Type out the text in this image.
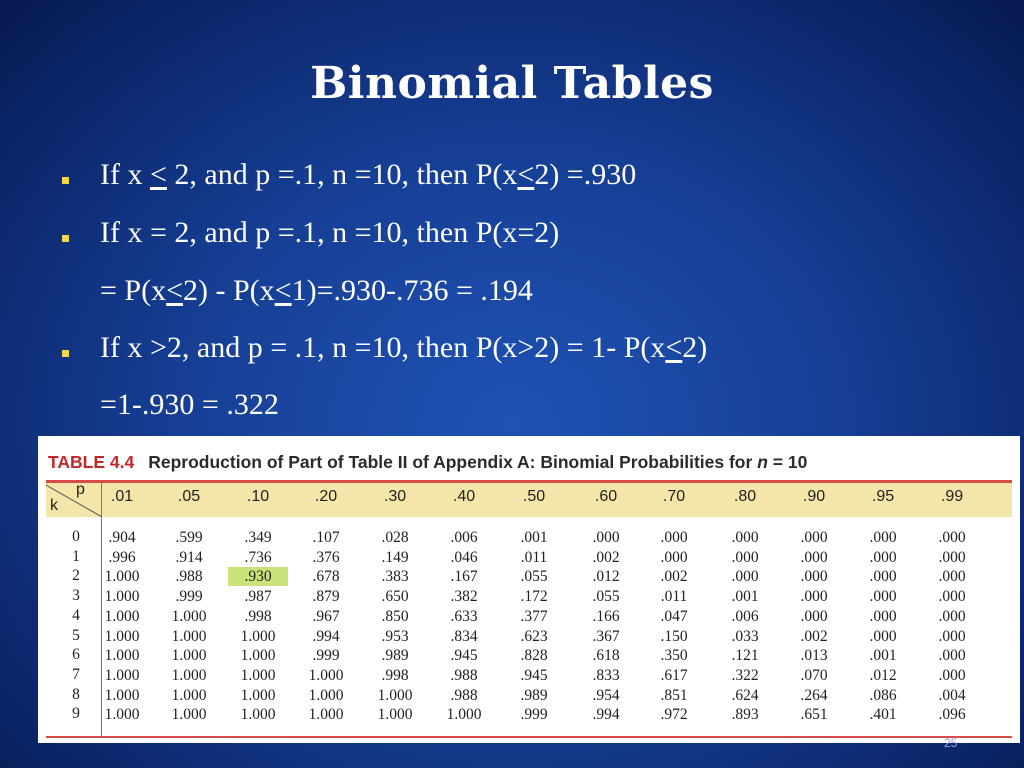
Binomial Tables
If x < 2, and p =.1, n =10, then P(x<2) =.930
If x = 2, and p =.1, n =10, then P(x=2)
= P(x<2) - P(x<1)=.930-.736 = .194
If x >2, and p = .1, n =10, then P(x>2) = 1- P(x<2)
=1-.930 = .322
TABLE 4.4 Reproduction of Part of Table II of Appendix A: Binomial Probabilities for n = 10
p
k
.01	.05	.10	.20	.30	.40	.50	.60	.70	.80	.90	.95	.99
0	.904	.599	.349	.107	.028	.006	.001	.000	.000	.000	.000	.000	.000
1	.996	.914	.736	.376	.149	.046	.011	.002	.000	.000	.000	.000	.000
2	1.000	.988	.930	.678	.383	.167	.055	.012	.002	.000	.000	.000	.000
3	1.000	.999	.987	.879	.650	.382	.172	.055	.011	.001	.000	.000	.000
4	1.000	1.000	.998	.967	.850	.633	.377	.166	.047	.006	.000	.000	.000
5	1.000	1.000	1.000	.994	.953	.834	.623	.367	.150	.033	.002	.000	.000
6	1.000	1.000	1.000	.999	.989	.945	.828	.618	.350	.121	.013	.001	.000
7	1.000	1.000	1.000	1.000	.998	.988	.945	.833	.617	.322	.070	.012	.000
8	1.000	1.000	1.000	1.000	1.000	.988	.989	.954	.851	.624	.264	.086	.004
9	1.000	1.000	1.000	1.000	1.000	1.000	.999	.994	.972	.893	.651	.401	.096
25
